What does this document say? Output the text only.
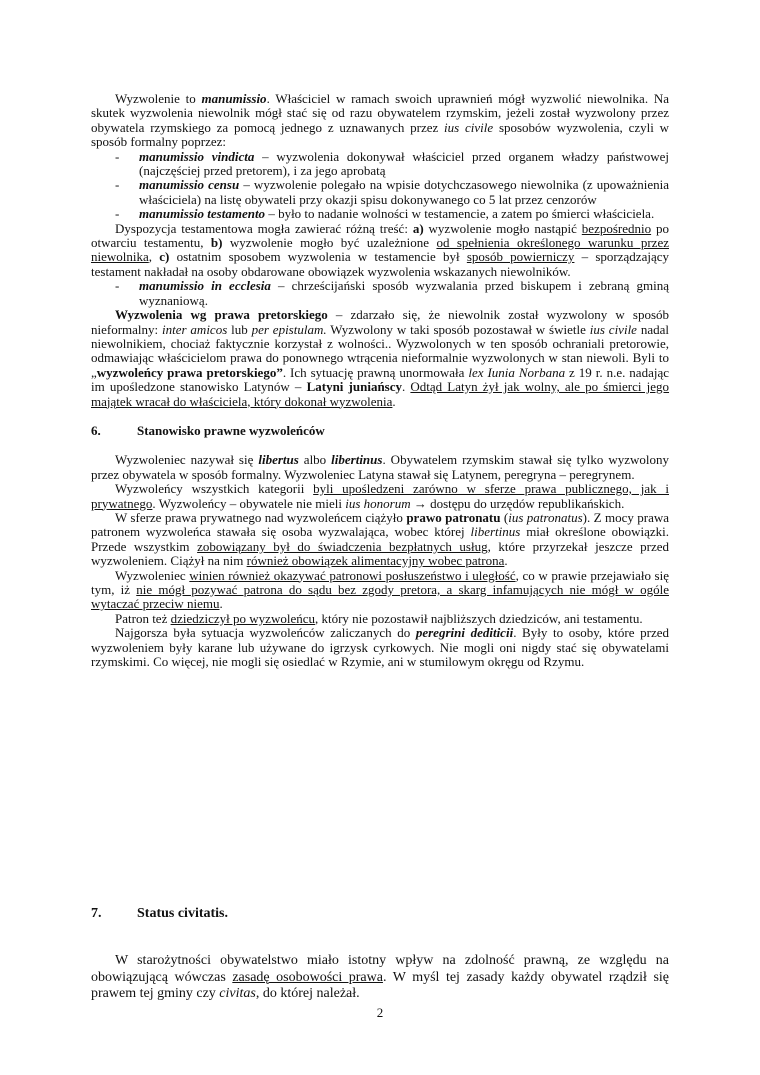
Wyzwolenie to manumissio. Właściciel w ramach swoich uprawnień mógł wyzwolić niewolnika. Na skutek wyzwolenia niewolnik mógł stać się od razu obywatelem rzymskim, jeżeli został wyzwolony przez obywatela rzymskiego za pomocą jednego z uznawanych przez ius civile sposobów wyzwolenia, czyli w sposób formalny poprzez:

- manumissio vindicta – wyzwolenia dokonywał właściciel przed organem władzy państwowej (najczęściej przed pretorem), i za jego aprobatą

- manumissio censu – wyzwolenie polegało na wpisie dotychczasowego niewolnika (z upoważnienia właściciela) na listę obywateli przy okazji spisu dokonywanego co 5 lat przez cenzorów

- manumissio testamento – było to nadanie wolności w testamencie, a zatem po śmierci właściciela.

Dyspozycja testamentowa mogła zawierać różną treść: a) wyzwolenie mogło nastąpić bezpośrednio po otwarciu testamentu, b) wyzwolenie mogło być uzależnione od spełnienia określonego warunku przez niewolnika, c) ostatnim sposobem wyzwolenia w testamencie był sposób powierniczy – sporządzający testament nakładał na osoby obdarowane obowiązek wyzwolenia wskazanych niewolników.

- manumissio in ecclesia – chrześcijański sposób wyzwalania przed biskupem i zebraną gminą wyznaniową.

Wyzwolenia wg prawa pretorskiego – zdarzało się, że niewolnik został wyzwolony w sposób nieformalny: inter amicos lub per epistulam. Wyzwolony w taki sposób pozostawał w świetle ius civile nadal niewolnikiem, chociaż faktycznie korzystał z wolności.. Wyzwolonych w ten sposób ochraniali pretorowie, odmawiając właścicielom prawa do ponownego wtrącenia nieformalnie wyzwolonych w stan niewoli. Byli to „wyzwoleńcy prawa pretorskiego”. Ich sytuację prawną unormowała lex Iunia Norbana z 19 r. n.e. nadając im upośledzone stanowisko Latynów – Latyni juniańscy. Odtąd Latyn żył jak wolny, ale po śmierci jego majątek wracał do właściciela, który dokonał wyzwolenia.

6.	Stanowisko prawne wyzwoleńców

Wyzwoleniec nazywał się libertus albo libertinus. Obywatelem rzymskim stawał się tylko wyzwolony przez obywatela w sposób formalny. Wyzwoleniec Latyna stawał się Latynem, peregryna – peregrynem.

Wyzwoleńcy wszystkich kategorii byli upośledzeni zarówno w sferze prawa publicznego, jak i prywatnego. Wyzwoleńcy – obywatele nie mieli ius honorum → dostępu do urzędów republikańskich.

W sferze prawa prywatnego nad wyzwoleńcem ciążyło prawo patronatu (ius patronatus). Z mocy prawa patronem wyzwoleńca stawała się osoba wyzwalająca, wobec której libertinus miał określone obowiązki. Przede wszystkim zobowiązany był do świadczenia bezpłatnych usług, które przyrzekał jeszcze przed wyzwoleniem. Ciążył na nim również obowiązek alimentacyjny wobec patrona.

Wyzwoleniec winien również okazywać patronowi posłuszeństwo i uległość, co w prawie przejawiało się tym, iż nie mógł pozywać patrona do sądu bez zgody pretora, a skarg infamujących nie mógł w ogóle wytaczać przeciw niemu.

Patron też dziedziczył po wyzwoleńcu, który nie pozostawił najbliższych dziedziców, ani testamentu.

Najgorsza była sytuacja wyzwoleńców zaliczanych do peregrini dediticii. Były to osoby, które przed wyzwoleniem były karane lub używane do igrzysk cyrkowych. Nie mogli oni nigdy stać się obywatelami rzymskimi. Co więcej, nie mogli się osiedlać w Rzymie, ani w stumilowym okręgu od Rzymu.

7.	Status civitatis.

W starożytności obywatelstwo miało istotny wpływ na zdolność prawną, ze względu na obowiązującą wówczas zasadę osobowości prawa. W myśl tej zasady każdy obywatel rządził się prawem tej gminy czy civitas, do której należał.

2
